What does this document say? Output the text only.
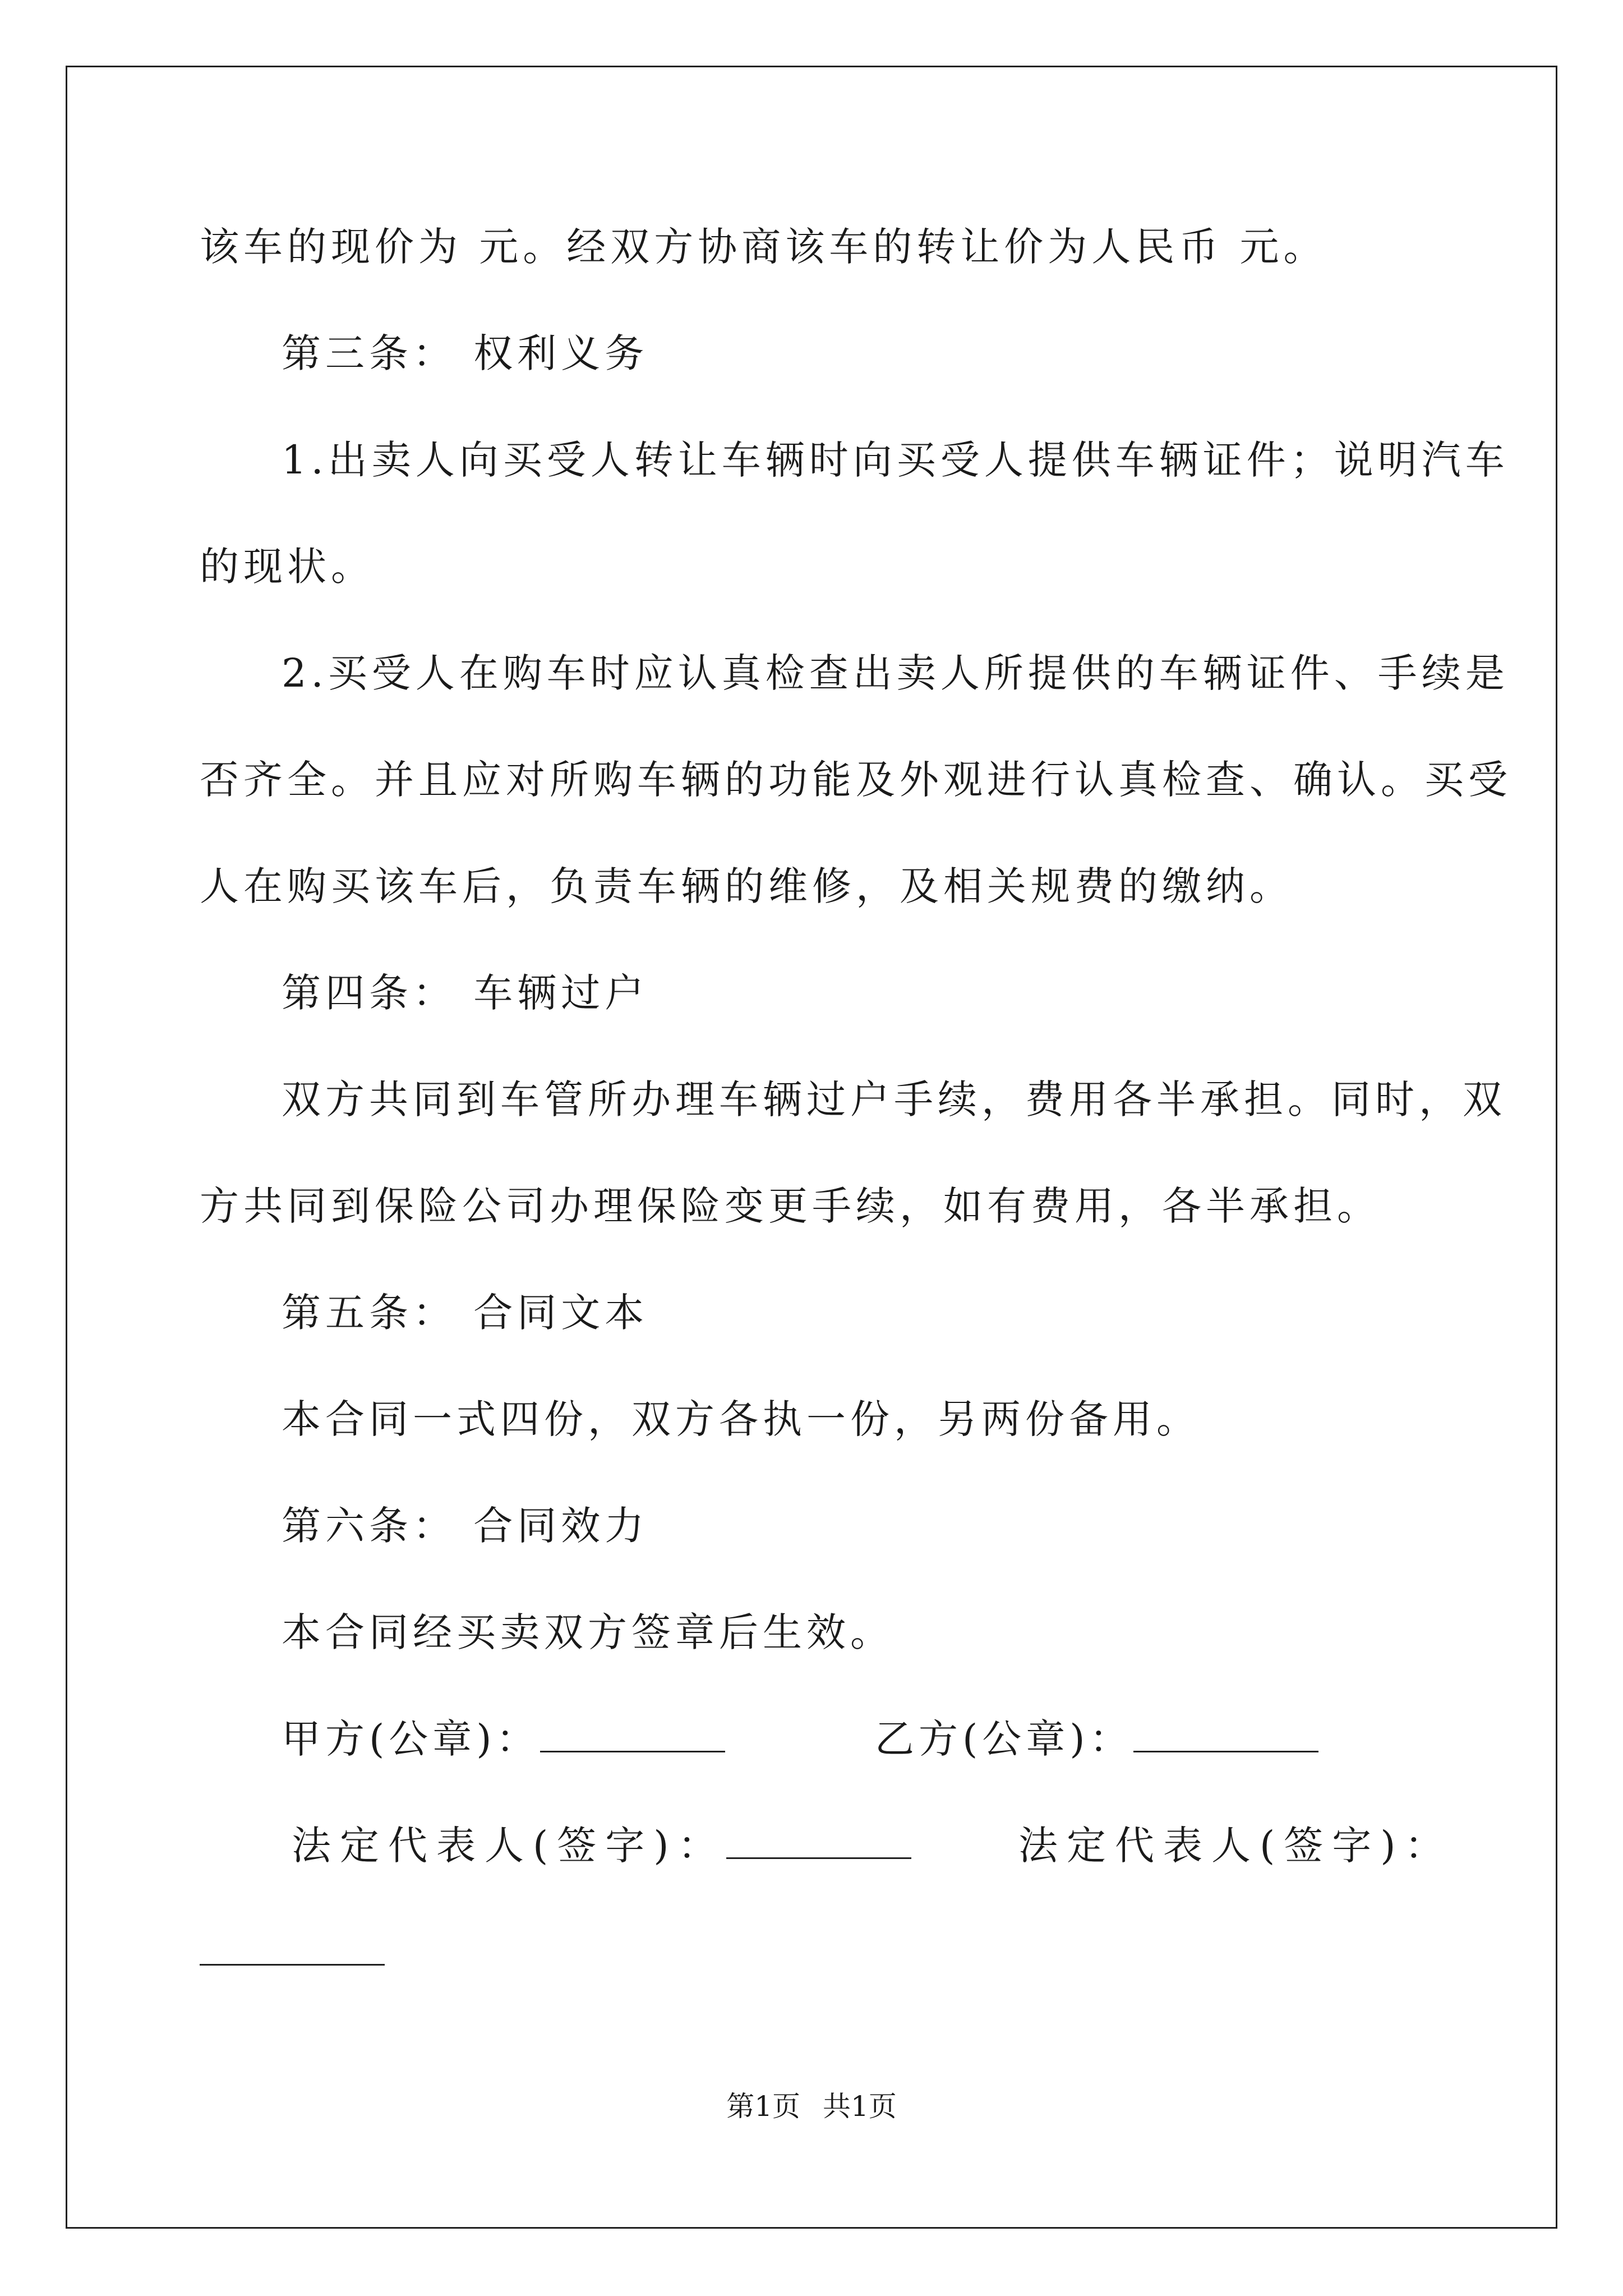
该车的现价为 元。经双方协商该车的转让价为人民币 元。
第三条： 权利义务
1.出卖人向买受人转让车辆时向买受人提供车辆证件；说明汽车
的现状。
2.买受人在购车时应认真检查出卖人所提供的车辆证件、手续是
否齐全。并且应对所购车辆的功能及外观进行认真检查、确认。买受
人在购买该车后，负责车辆的维修，及相关规费的缴纳。
第四条： 车辆过户
双方共同到车管所办理车辆过户手续，费用各半承担。同时，双
方共同到保险公司办理保险变更手续，如有费用，各半承担。
第五条： 合同文本
本合同一式四份，双方各执一份，另两份备用。
第六条： 合同效力
本合同经买卖双方签章后生效。
甲方(公章)：	乙方(公章)：
法定代表人(签字)：	法定代表人(签字)：
第1页 共1页
